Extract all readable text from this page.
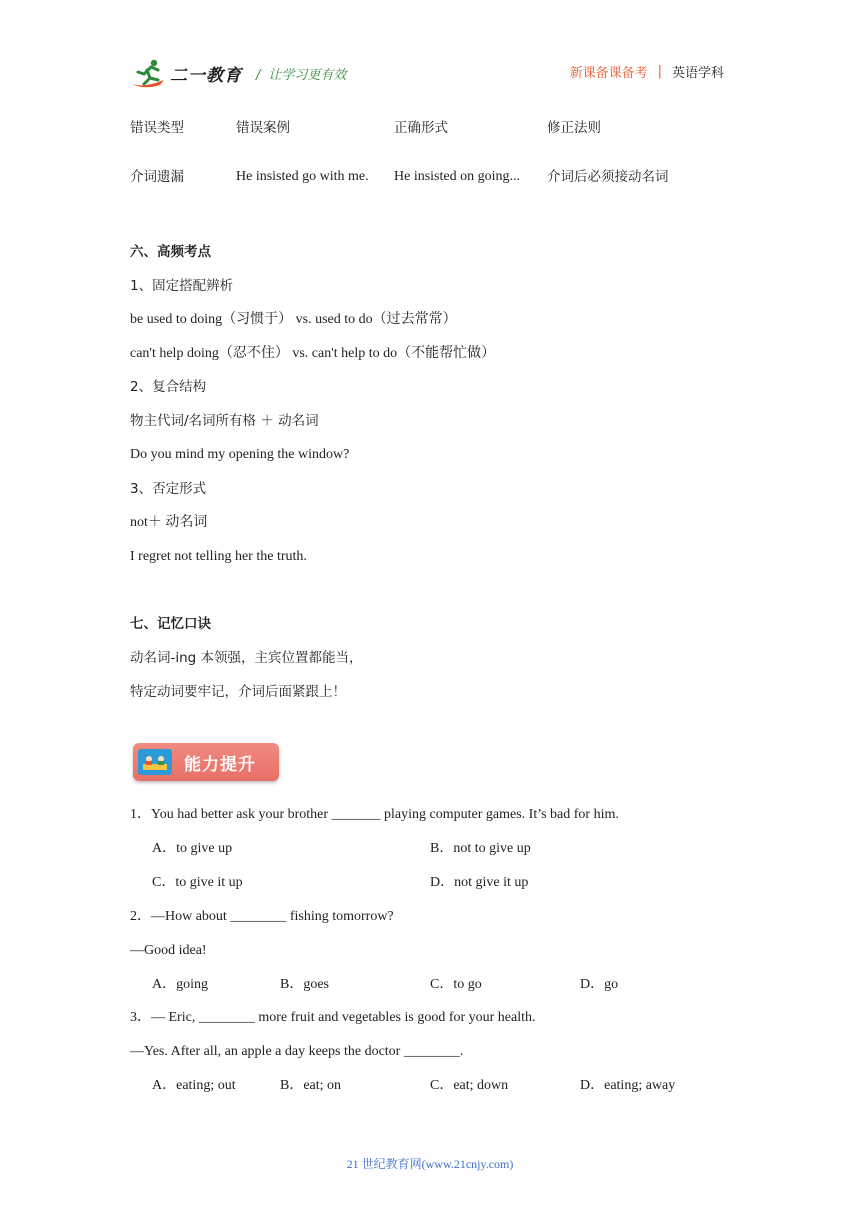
二一教育 / 让学习更有效	新课备课备考 | 英语学科
错误类型	错误案例	正确形式	修正法则
介词遗漏	He insisted go with me.	He insisted on going...	介词后必须接动名词
六、高频考点
1、固定搭配辨析
be used to doing（习惯于） vs. used to do（过去常常）
can't help doing（忍不住） vs. can't help to do（不能帮忙做）
2、复合结构
物主代词/名词所有格 ＋ 动名词
Do you mind my opening the window?
3、否定形式
not＋ 动名词
I regret not telling her the truth.
七、记忆口诀
动名词-ing 本领强，主宾位置都能当，
特定动词要牢记，介词后面紧跟上！
能力提升
1．You had better ask your brother _______ playing computer games. It’s bad for him.
A．to give up	B．not to give up
C．to give it up	D．not give it up
2．—How about ________ fishing tomorrow?
—Good idea!
A．going	B．goes	C．to go	D．go
3．— Eric, ________ more fruit and vegetables is good for your health.
—Yes. After all, an apple a day keeps the doctor ________.
A．eating; out	B．eat; on	C．eat; down	D．eating; away
21 世纪教育网(www.21cnjy.com)
